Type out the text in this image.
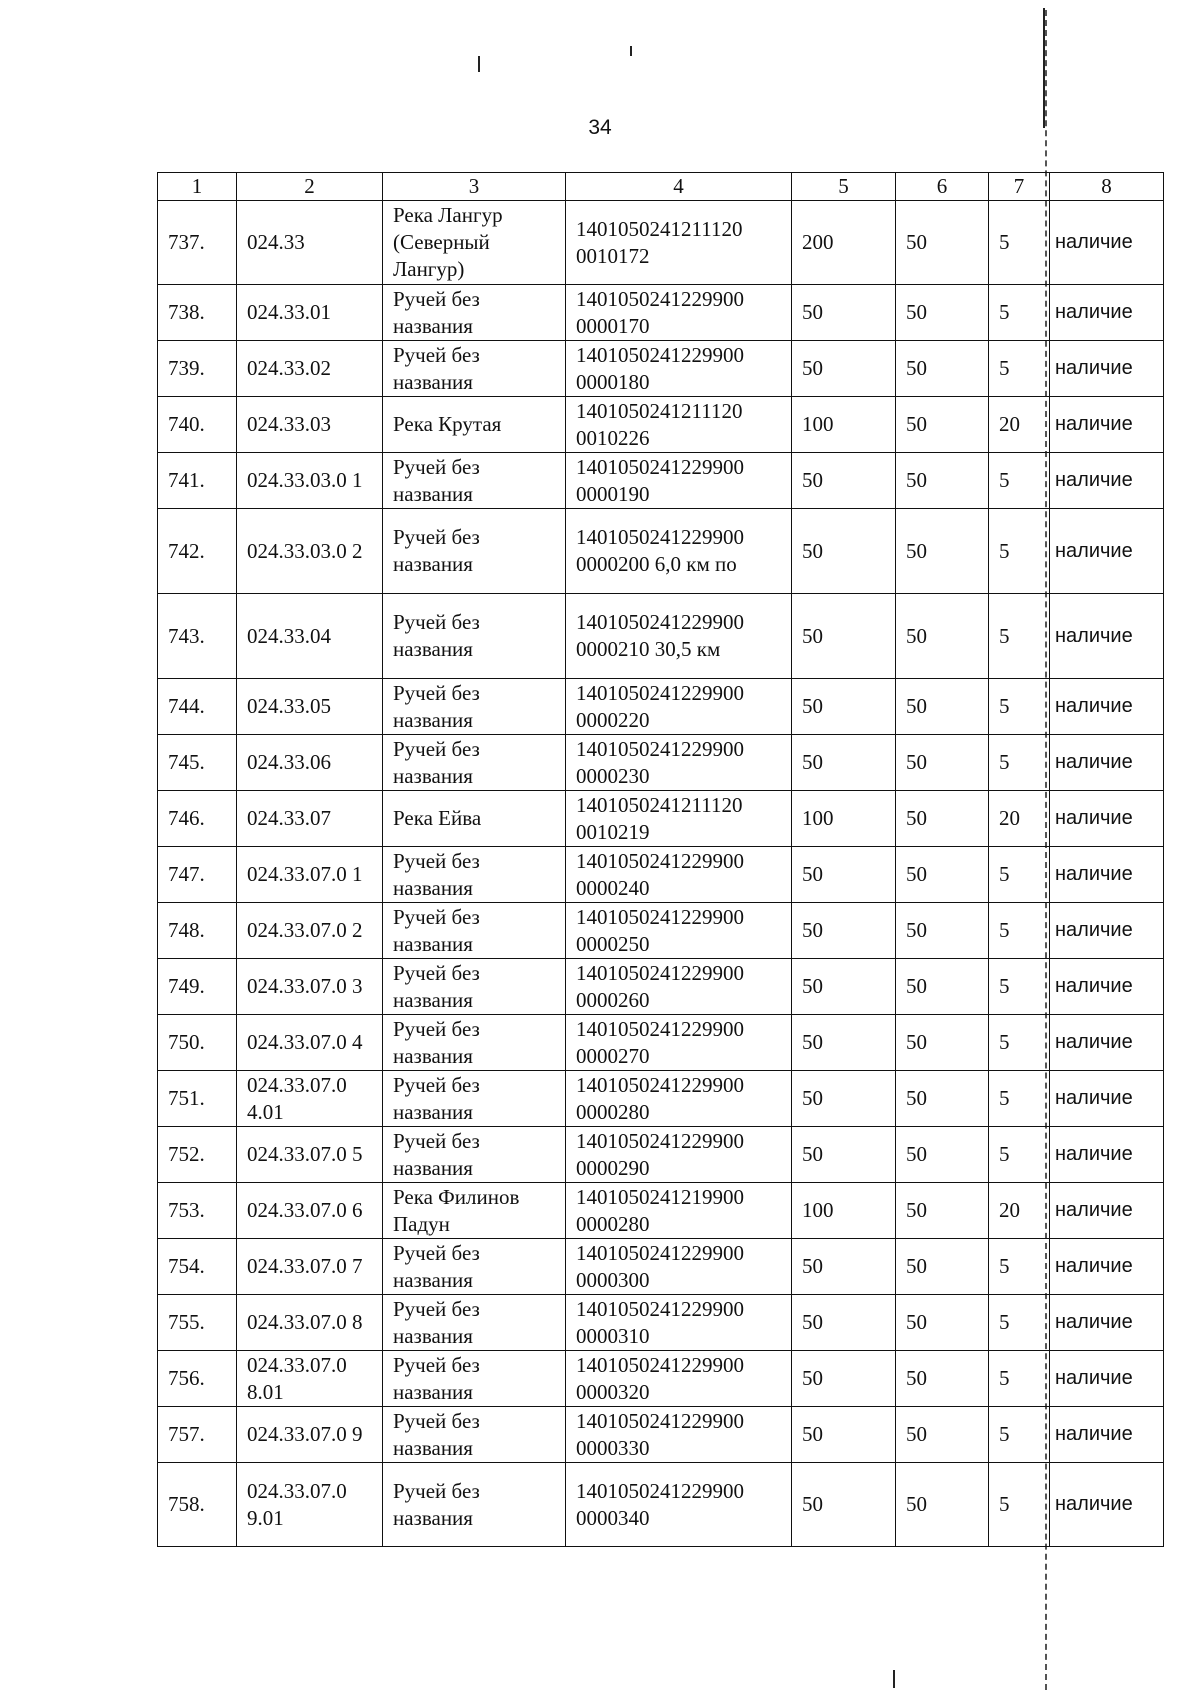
34
1	2	3	4	5	6	7	8
737.	024.33	Река Лангур (Северный Лангур)	1401050241211120 0010172	200	50	5	наличие
738.	024.33.01	Ручей без названия	1401050241229900 0000170	50	50	5	наличие
739.	024.33.02	Ручей без названия	1401050241229900 0000180	50	50	5	наличие
740.	024.33.03	Река Крутая	1401050241211120 0010226	100	50	20	наличие
741.	024.33.03.0 1	Ручей без названия	1401050241229900 0000190	50	50	5	наличие
742.	024.33.03.0 2	Ручей без названия	1401050241229900 0000200 6,0 км по	50	50	5	наличие
743.	024.33.04	Ручей без названия	1401050241229900 0000210 30,5 км	50	50	5	наличие
744.	024.33.05	Ручей без названия	1401050241229900 0000220	50	50	5	наличие
745.	024.33.06	Ручей без названия	1401050241229900 0000230	50	50	5	наличие
746.	024.33.07	Река Ейва	1401050241211120 0010219	100	50	20	наличие
747.	024.33.07.0 1	Ручей без названия	1401050241229900 0000240	50	50	5	наличие
748.	024.33.07.0 2	Ручей без названия	1401050241229900 0000250	50	50	5	наличие
749.	024.33.07.0 3	Ручей без названия	1401050241229900 0000260	50	50	5	наличие
750.	024.33.07.0 4	Ручей без названия	1401050241229900 0000270	50	50	5	наличие
751.	024.33.07.0 4.01	Ручей без названия	1401050241229900 0000280	50	50	5	наличие
752.	024.33.07.0 5	Ручей без названия	1401050241229900 0000290	50	50	5	наличие
753.	024.33.07.0 6	Река Филинов Падун	1401050241219900 0000280	100	50	20	наличие
754.	024.33.07.0 7	Ручей без названия	1401050241229900 0000300	50	50	5	наличие
755.	024.33.07.0 8	Ручей без названия	1401050241229900 0000310	50	50	5	наличие
756.	024.33.07.0 8.01	Ручей без названия	1401050241229900 0000320	50	50	5	наличие
757.	024.33.07.0 9	Ручей без названия	1401050241229900 0000330	50	50	5	наличие
758.	024.33.07.0 9.01	Ручей без названия	1401050241229900 0000340	50	50	5	наличие
